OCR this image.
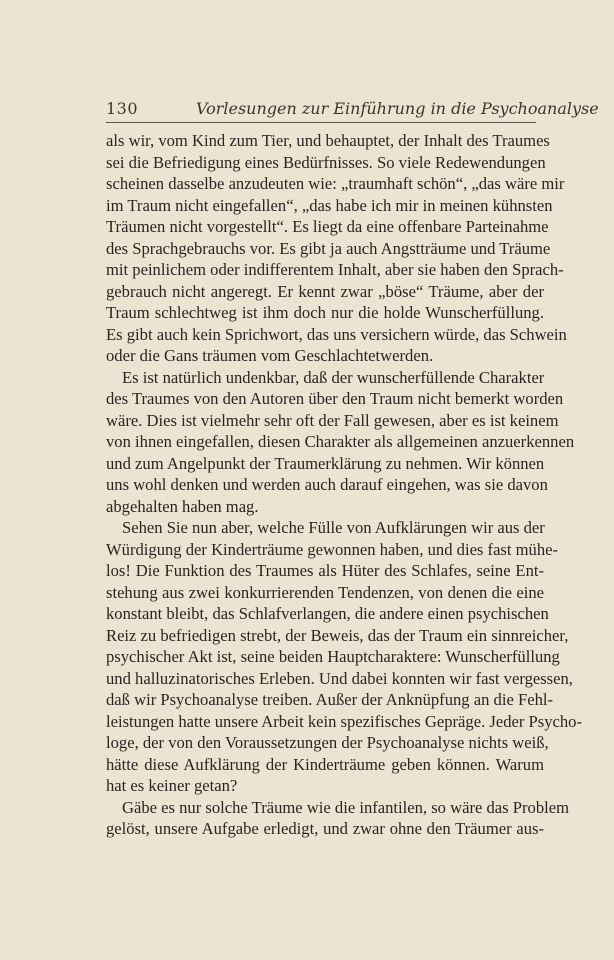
130	Vorlesungen zur Einführung in die Psychoanalyse
als wir, vom Kind zum Tier, und behauptet, der Inhalt des Traumes
sei die Befriedigung eines Bedürfnisses. So viele Redewendungen
scheinen dasselbe anzudeuten wie: „traumhaft schön“, „das wäre mir
im Traum nicht eingefallen“, „das habe ich mir in meinen kühnsten
Träumen nicht vorgestellt“. Es liegt da eine offenbare Parteinahme
des Sprachgebrauchs vor. Es gibt ja auch Angstträume und Träume
mit peinlichem oder indifferentem Inhalt, aber sie haben den Sprach-
gebrauch nicht angeregt. Er kennt zwar „böse“ Träume, aber der
Traum schlechtweg ist ihm doch nur die holde Wunscherfüllung.
Es gibt auch kein Sprichwort, das uns versichern würde, das Schwein
oder die Gans träumen vom Geschlachtetwerden.
Es ist natürlich undenkbar, daß der wunscherfüllende Charakter
des Traumes von den Autoren über den Traum nicht bemerkt worden
wäre. Dies ist vielmehr sehr oft der Fall gewesen, aber es ist keinem
von ihnen eingefallen, diesen Charakter als allgemeinen anzuerkennen
und zum Angelpunkt der Traumerklärung zu nehmen. Wir können
uns wohl denken und werden auch darauf eingehen, was sie davon
abgehalten haben mag.
Sehen Sie nun aber, welche Fülle von Aufklärungen wir aus der
Würdigung der Kinderträume gewonnen haben, und dies fast mühe-
los! Die Funktion des Traumes als Hüter des Schlafes, seine Ent-
stehung aus zwei konkurrierenden Tendenzen, von denen die eine
konstant bleibt, das Schlafverlangen, die andere einen psychischen
Reiz zu befriedigen strebt, der Beweis, das der Traum ein sinnreicher,
psychischer Akt ist, seine beiden Hauptcharaktere: Wunscherfüllung
und halluzinatorisches Erleben. Und dabei konnten wir fast vergessen,
daß wir Psychoanalyse treiben. Außer der Anknüpfung an die Fehl-
leistungen hatte unsere Arbeit kein spezifisches Gepräge. Jeder Psycho-
loge, der von den Voraussetzungen der Psychoanalyse nichts weiß,
hätte diese Aufklärung der Kinderträume geben können. Warum
hat es keiner getan?
Gäbe es nur solche Träume wie die infantilen, so wäre das Problem
gelöst, unsere Aufgabe erledigt, und zwar ohne den Träumer aus-
